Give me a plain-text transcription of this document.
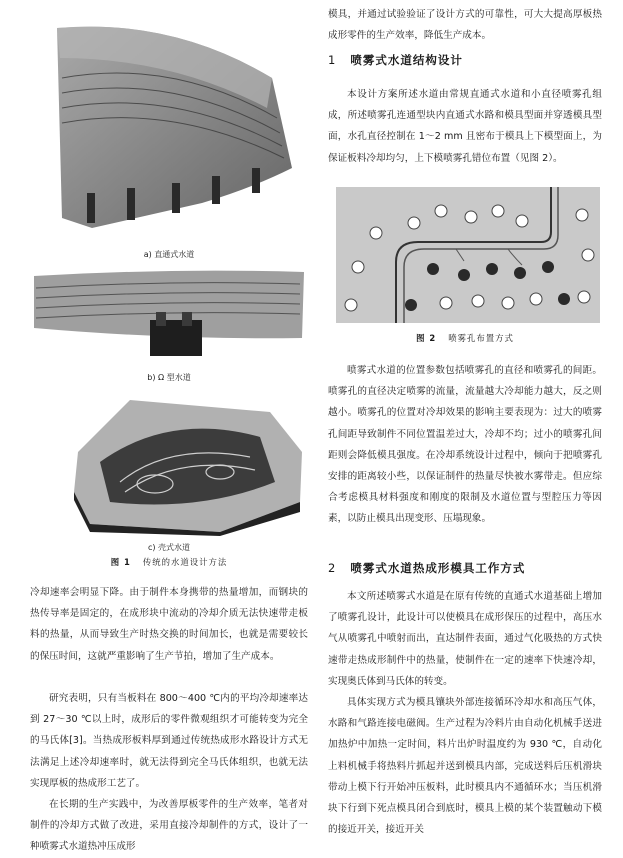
a) 直通式水道

b) Ω 型水道

c) 壳式水道

图 1 传统的水道设计方法

冷却速率会明显下降。由于制件本身携带的热量增加，而钢块的热传导率是固定的，在成形块中流动的冷却介质无法快速带走板料的热量，从而导致生产时热交换的时间加长，也就是需要较长的保压时间，这就严重影响了生产节拍，增加了生产成本。

研究表明，只有当板料在 800～400 ℃内的平均冷却速率达到 27～30 ℃以上时，成形后的零件微观组织才可能转变为完全的马氏体[3]。当热成形板料厚到通过传统热成形水路设计方式无法满足上述冷却速率时，就无法得到完全马氏体组织，也就无法实现厚板的热成形工艺了。

在长期的生产实践中，为改善厚板零件的生产效率，笔者对制件的冷却方式做了改进，采用直接冷却制件的方式，设计了一种喷雾式水道热冲压成形

模具，并通过试验验证了设计方式的可靠性，可大大提高厚板热成形零件的生产效率，降低生产成本。

1 喷雾式水道结构设计

本设计方案所述水道由常规直通式水道和小直径喷雾孔组成，所述喷雾孔连通型块内直通式水路和模具型面并穿透模具型面，水孔直径控制在 1～2 mm 且密布于模具上下模型面上，为保证板料冷却均匀，上下模喷雾孔错位布置（见图 2）。

图 2 喷雾孔布置方式

喷雾式水道的位置参数包括喷雾孔的直径和喷雾孔的间距。喷雾孔的直径决定喷雾的流量，流量越大冷却能力越大，反之则越小。喷雾孔的位置对冷却效果的影响主要表现为：过大的喷雾孔间距导致制件不同位置温差过大，冷却不均；过小的喷雾孔间距则会降低模具强度。在冷却系统设计过程中，倾向于把喷雾孔安排的距离较小些，以保证制件的热量尽快被水雾带走。但应综合考虑模具材料强度和刚度的限制及水道位置与型腔压力等因素，以防止模具出现变形、压塌现象。

2 喷雾式水道热成形模具工作方式

本文所述喷雾式水道是在原有传统的直通式水道基础上增加了喷雾孔设计，此设计可以使模具在成形保压的过程中，高压水气从喷雾孔中喷射而出，直达制件表面，通过气化吸热的方式快速带走热成形制件中的热量，使制件在一定的速率下快速冷却，实现奥氏体到马氏体的转变。

具体实现方式为模具镶块外部连接循环冷却水和高压气体，水路和气路连接电磁阀。生产过程为冷料片由自动化机械手送进加热炉中加热一定时间，料片出炉时温度约为 930 ℃，自动化上料机械手将热料片抓起并送到模具内部，完成送料后压机滑块带动上模下行开始冲压板料，此时模具内不通循环水；当压机滑块下行到下死点模具闭合到底时，模具上模的某个装置触动下模的接近开关，接近开关
